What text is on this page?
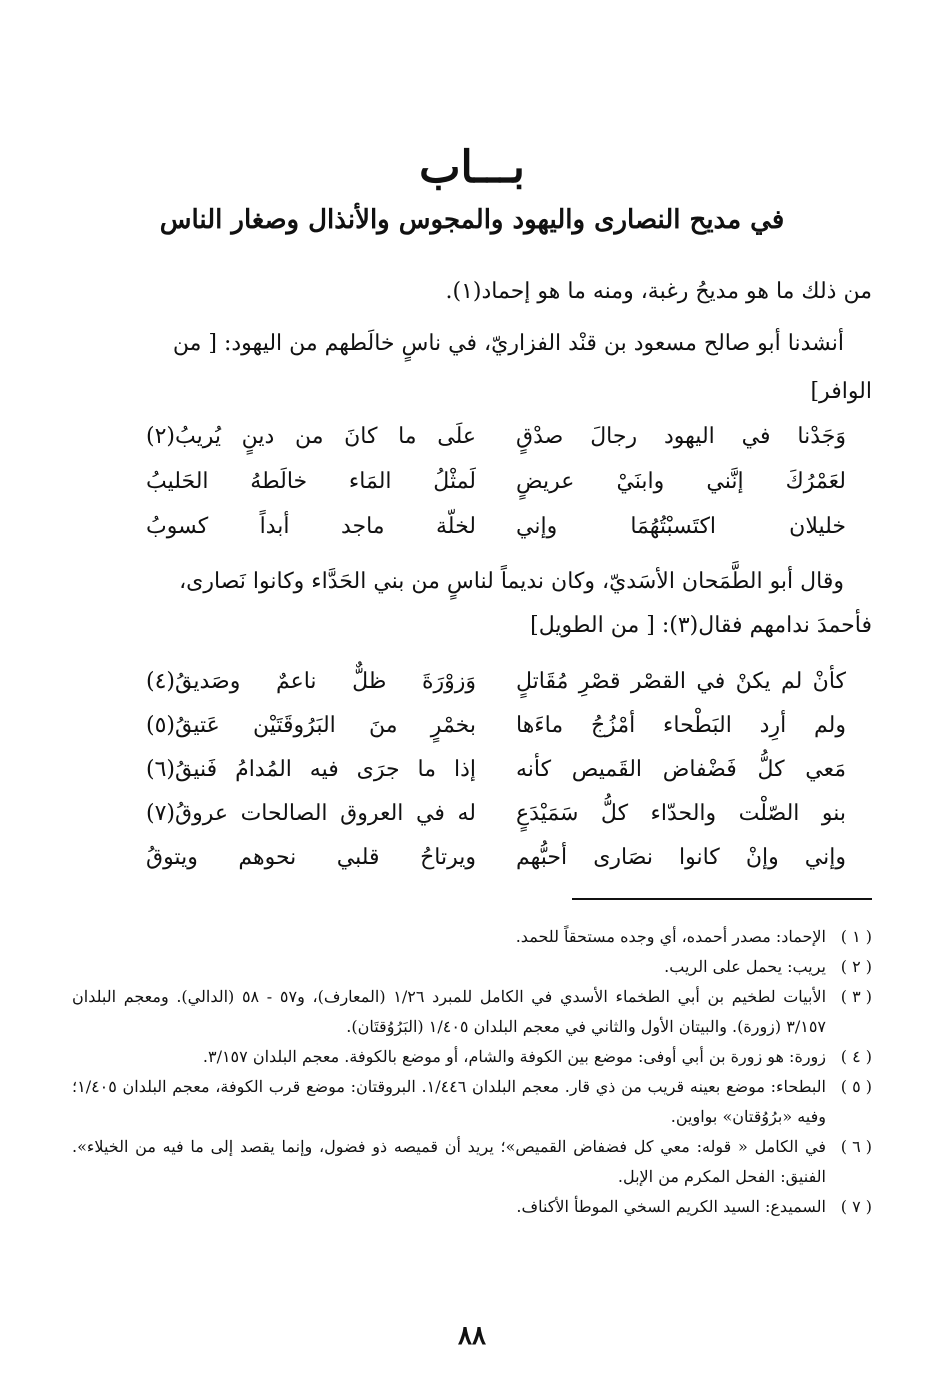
بـــاب
في مديح النصارى واليهود والمجوس والأنذال وصغار الناس
من ذلك ما هو مديحُ رغبة، ومنه ما هو إحماد(١).
أنشدنا أبو صالح مسعود بن قنْد الفزاريّ، في ناسٍ خالَطهم من اليهود: [ من
الوافر]
وَجَدْنا في اليهود رجالَ صدْقٍ
علَى ما كانَ من دينٍ يُريبُ(٢)
لعَمْرُكَ إنَّني وابنَيْ عريضٍ
لَمثْلُ المَاء خالَطهُ الحَليبُ
خليلان اكتَسبْتُهُمَا وإني
لخلّة ماجد أبداً كسوبُ
وقال أبو الطَّمَحان الأسَديّ، وكان نديماً لناسٍ من بني الحَدَّاء وكانوا نَصارى،
فأحمدَ ندامهم فقال(٣): [ من الطويل]
كأنْ لم يكنْ في القصْر قصْرِ مُقَاتلٍ
وَزوْرَةَ ظلٌّ ناعمٌ وصَديقُ(٤)
ولم أرِد البَطْحاء أمْزُجُ ماءَها
بخمْرٍ منَ البَرُوقَتَيْن عَتيقُ(٥)
مَعي كلُّ فَضْفاض القَميص كأنه
إذا ما جرَى فيه المُدامُ فَنيقُ(٦)
بنو الصّلْت والحدّاء كلُّ سَمَيْدَعٍ
له في العروق الصالحات عروقُ(٧)
وإني وإنْ كانوا نصَارى أحبُّهم
ويرتاحُ قلبي نحوهم ويتوقُ
( ١ )
الإحماد: مصدر أحمده، أي وجده مستحقاً للحمد.
( ٢ )
يريب: يحمل على الريب.
( ٣ )
الأبيات لطخيم بن أبي الطخماء الأسدي في الكامل للمبرد ١/٢٦ (المعارف)، و٥٧ - ٥٨ (الدالي). ومعجم البلدان ٣/١٥٧ (زورة). والبيتان الأول والثاني في معجم البلدان ١/٤٠٥ (البَرُوُقتَان).
( ٤ )
زورة: هو زورة بن أبي أوفى: موضع بين الكوفة والشام، أو موضع بالكوفة. معجم البلدان ٣/١٥٧.
( ٥ )
البطحاء: موضع بعينه قريب من ذي قار. معجم البلدان ١/٤٤٦. البروقتان: موضع قرب الكوفة، معجم البلدان ١/٤٠٥؛ وفيه «برُوُقتان» بواوين.
( ٦ )
في الكامل « قوله: معي كل فضفاض القميص»؛ يريد أن قميصه ذو فضول، وإنما يقصد إلى ما فيه من الخيلاء». الفنيق: الفحل المكرم من الإبل.
( ٧ )
السميدع: السيد الكريم السخي الموطأ الأكناف.
٨٨
